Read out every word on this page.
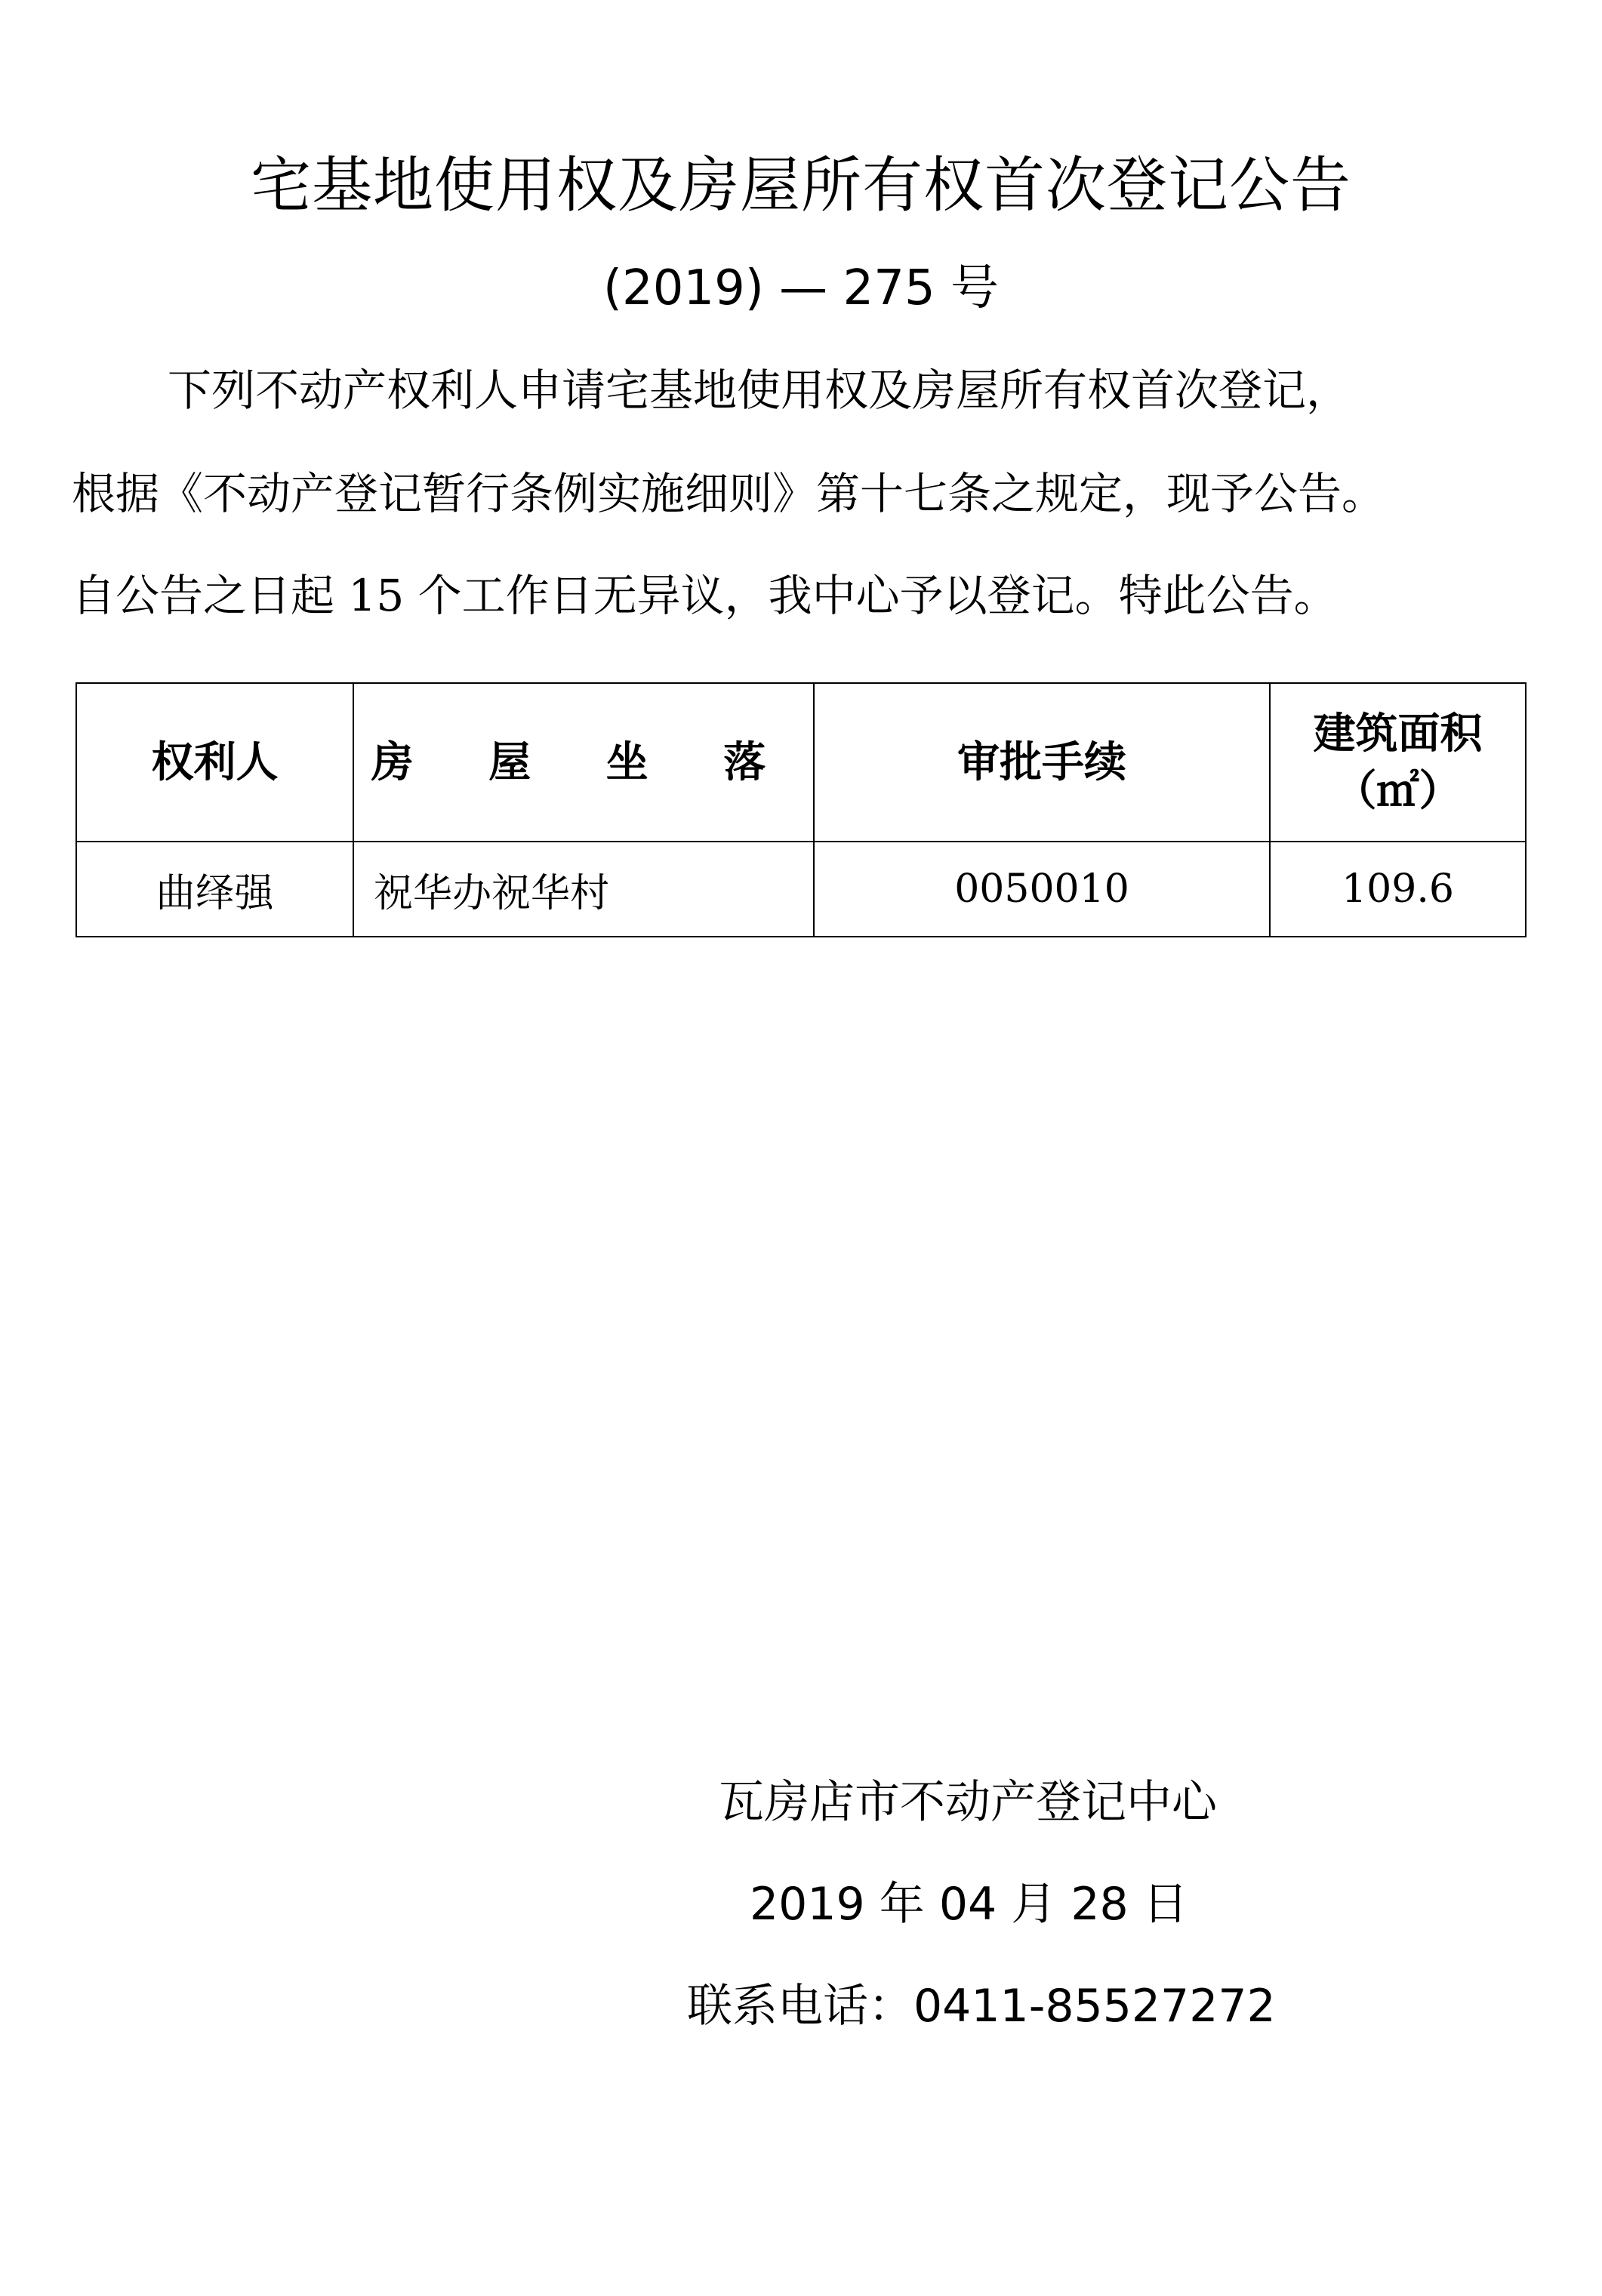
宅基地使用权及房屋所有权首次登记公告
(2019) — 275 号
下列不动产权利人申请宅基地使用权及房屋所有权首次登记，
根据《不动产登记暂行条例实施细则》第十七条之规定，现予公告。
自公告之日起 15 个工作日无异议，我中心予以登记。特此公告。
权利人	房 屋 坐 落	审批手续	建筑面积
（㎡）

曲绎强	祝华办祝华村	0050010	109.6
瓦房店市不动产登记中心
2019 年 04 月 28 日
联系电话：0411-85527272
